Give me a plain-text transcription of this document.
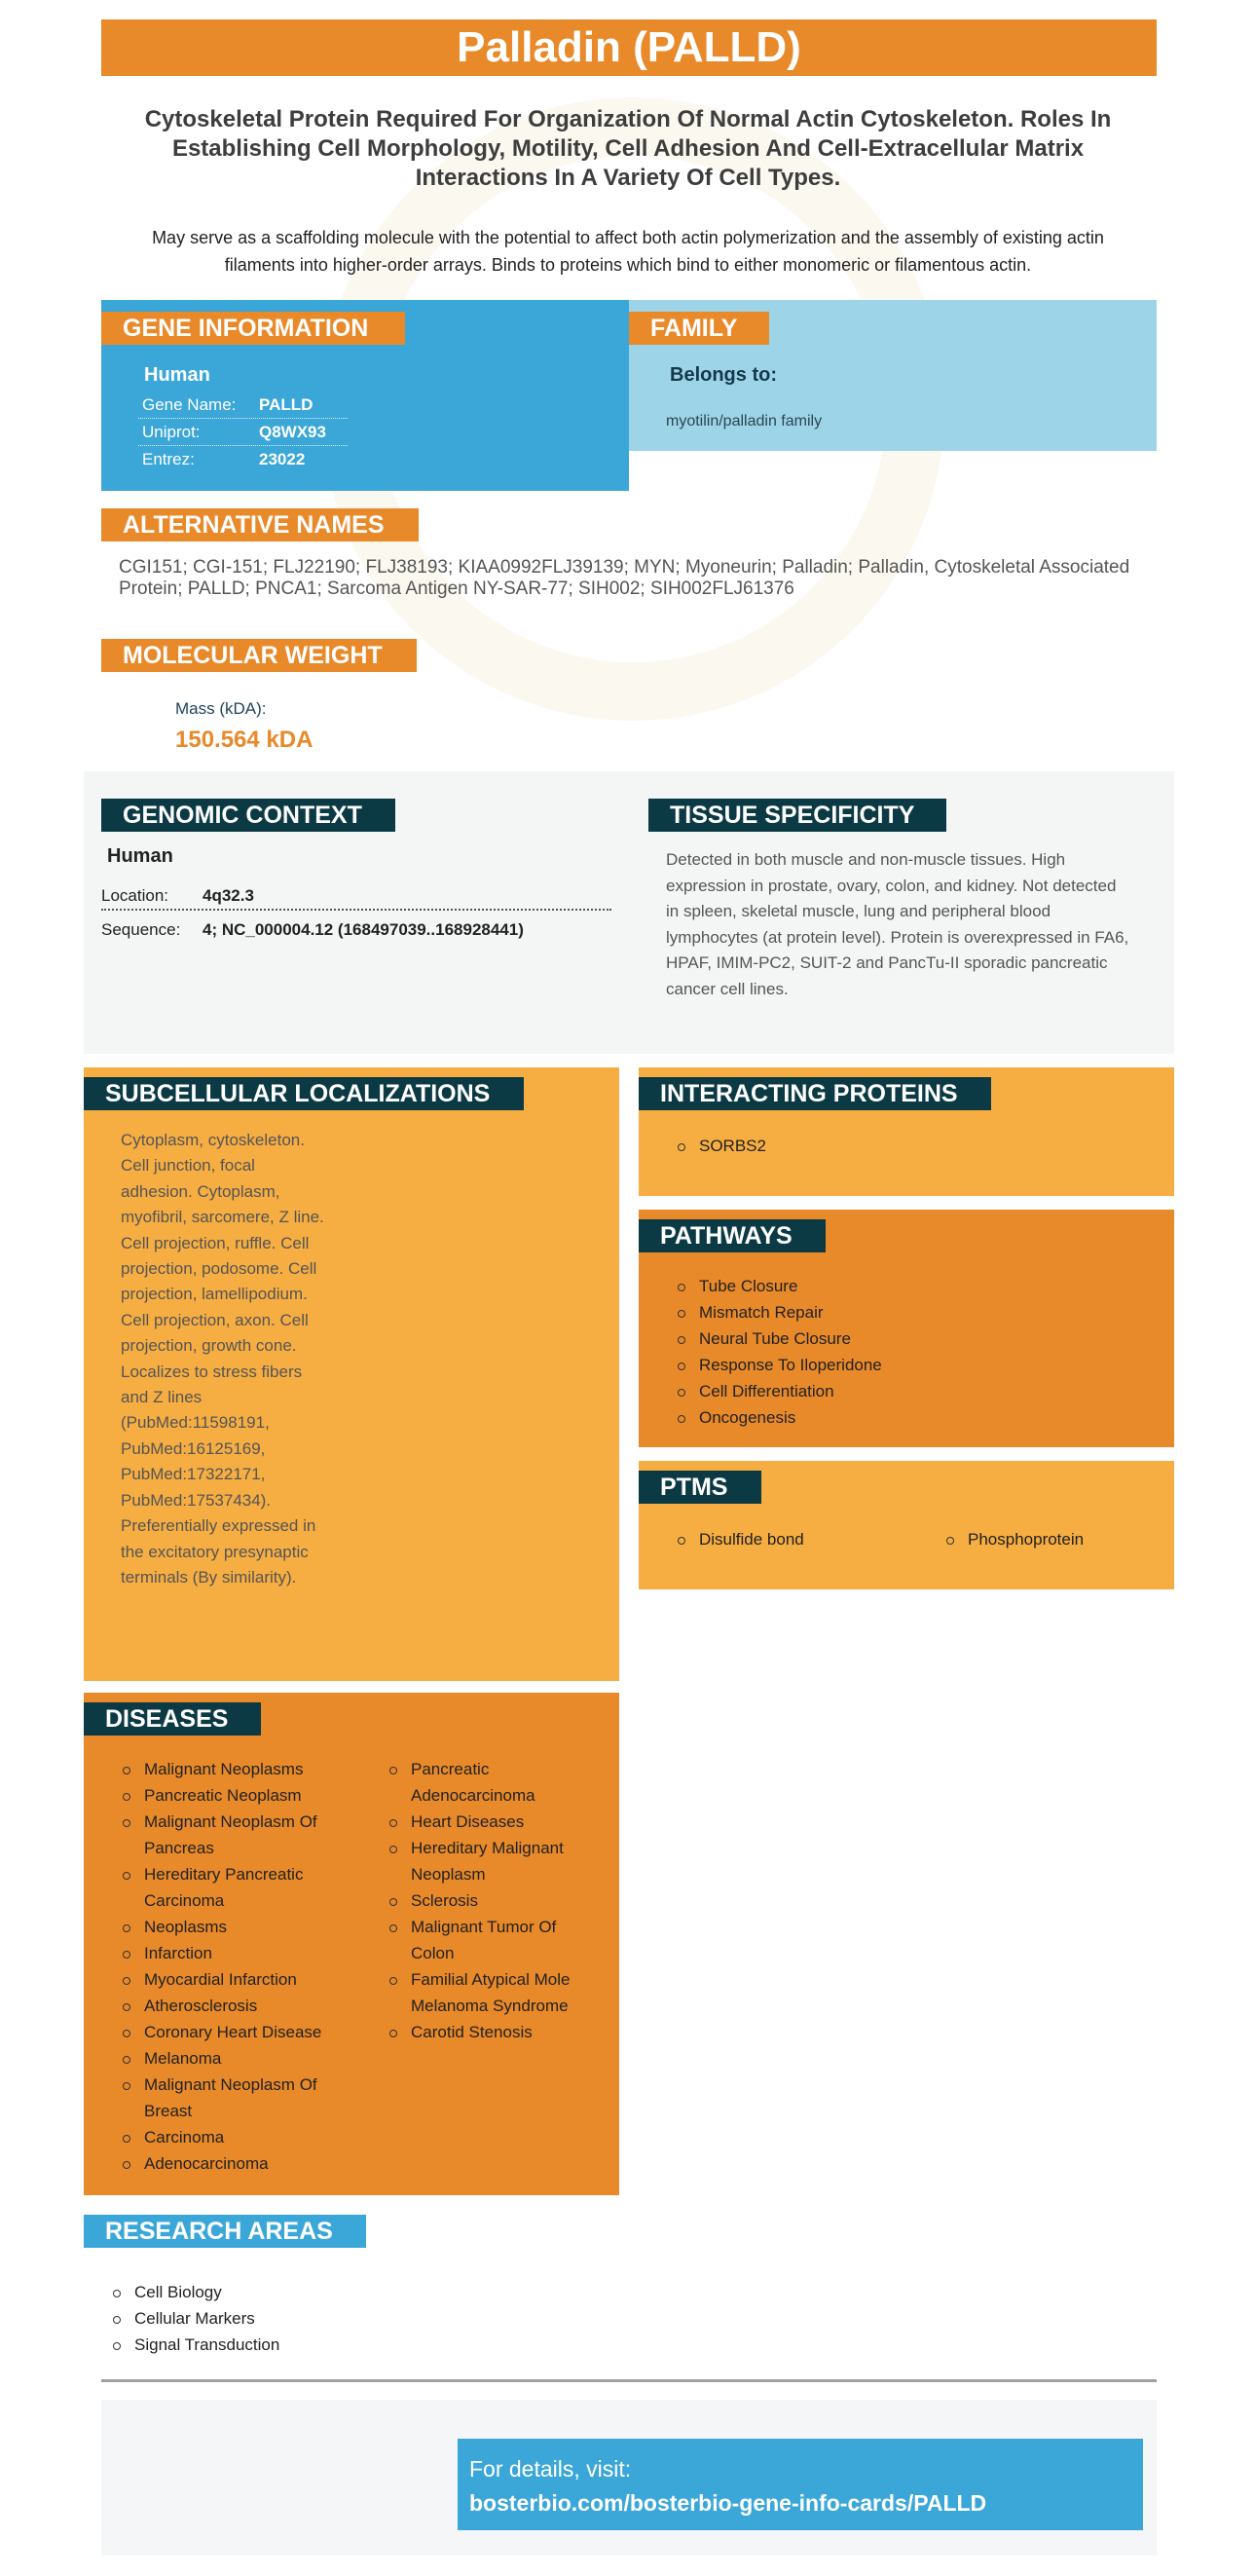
Palladin (PALLD)
Cytoskeletal Protein Required For Organization Of Normal Actin Cytoskeleton. Roles In Establishing Cell Morphology, Motility, Cell Adhesion And Cell-Extracellular Matrix Interactions In A Variety Of Cell Types.
May serve as a scaffolding molecule with the potential to affect both actin polymerization and the assembly of existing actin filaments into higher-order arrays. Binds to proteins which bind to either monomeric or filamentous actin.
GENE INFORMATION
Human
Gene Name: PALLD
Uniprot:	Q8WX93
Entrez:	23022
FAMILY
Belongs to:
myotilin/palladin family
ALTERNATIVE NAMES
CGI151; CGI-151; FLJ22190; FLJ38193; KIAA0992FLJ39139; MYN; Myoneurin; Palladin; Palladin, Cytoskeletal Associated Protein; PALLD; PNCA1; Sarcoma Antigen NY-SAR-77; SIH002; SIH002FLJ61376
MOLECULAR WEIGHT
Mass (kDA):
150.564 kDA
GENOMIC CONTEXT
Human
Location: 4q32.3
Sequence: 4; NC_000004.12 (168497039..168928441)
TISSUE SPECIFICITY
Detected in both muscle and non-muscle tissues. High expression in prostate, ovary, colon, and kidney. Not detected in spleen, skeletal muscle, lung and peripheral blood lymphocytes (at protein level). Protein is overexpressed in FA6, HPAF, IMIM-PC2, SUIT-2 and PancTu-II sporadic pancreatic cancer cell lines.
SUBCELLULAR LOCALIZATIONS
Cytoplasm, cytoskeleton. Cell junction, focal adhesion. Cytoplasm, myofibril, sarcomere, Z line. Cell projection, ruffle. Cell projection, podosome. Cell projection, lamellipodium. Cell projection, axon. Cell projection, growth cone. Localizes to stress fibers and Z lines (PubMed:11598191, PubMed:16125169, PubMed:17322171, PubMed:17537434). Preferentially expressed in the excitatory presynaptic terminals (By similarity).
INTERACTING PROTEINS
SORBS2
PATHWAYS
Tube Closure
Mismatch Repair
Neural Tube Closure
Response To Iloperidone
Cell Differentiation
Oncogenesis
PTMS
Disulfide bond	Phosphoprotein
DISEASES
Malignant Neoplasms
Pancreatic Neoplasm
Malignant Neoplasm Of Pancreas
Hereditary Pancreatic Carcinoma
Neoplasms
Infarction
Myocardial Infarction
Atherosclerosis
Coronary Heart Disease
Melanoma
Malignant Neoplasm Of Breast
Carcinoma
Adenocarcinoma
Pancreatic Adenocarcinoma
Heart Diseases
Hereditary Malignant Neoplasm
Sclerosis
Malignant Tumor Of Colon
Familial Atypical Mole Melanoma Syndrome
Carotid Stenosis
RESEARCH AREAS
Cell Biology
Cellular Markers
Signal Transduction
For details, visit:
bosterbio.com/bosterbio-gene-info-cards/PALLD
